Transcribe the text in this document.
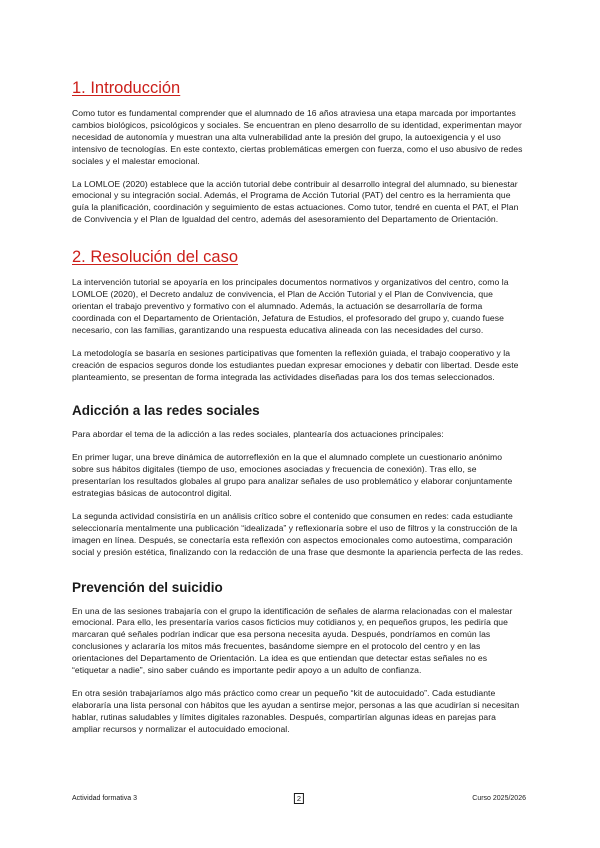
1. Introducción

Como tutor es fundamental comprender que el alumnado de 16 años atraviesa una etapa marcada por importantes cambios biológicos, psicológicos y sociales. Se encuentran en pleno desarrollo de su identidad, experimentan mayor necesidad de autonomía y muestran una alta vulnerabilidad ante la presión del grupo, la autoexigencia y el uso intensivo de tecnologías. En este contexto, ciertas problemáticas emergen con fuerza, como el uso abusivo de redes sociales y el malestar emocional.

La LOMLOE (2020) establece que la acción tutorial debe contribuir al desarrollo integral del alumnado, su bienestar emocional y su integración social. Además, el Programa de Acción Tutorial (PAT) del centro es la herramienta que guía la planificación, coordinación y seguimiento de estas actuaciones. Como tutor, tendré en cuenta el PAT, el Plan de Convivencia y el Plan de Igualdad del centro, además del asesoramiento del Departamento de Orientación.

2. Resolución del caso

La intervención tutorial se apoyaría en los principales documentos normativos y organizativos del centro, como la LOMLOE (2020), el Decreto andaluz de convivencia, el Plan de Acción Tutorial y el Plan de Convivencia, que orientan el trabajo preventivo y formativo con el alumnado. Además, la actuación se desarrollaría de forma coordinada con el Departamento de Orientación, Jefatura de Estudios, el profesorado del grupo y, cuando fuese necesario, con las familias, garantizando una respuesta educativa alineada con las necesidades del curso.

La metodología se basaría en sesiones participativas que fomenten la reflexión guiada, el trabajo cooperativo y la creación de espacios seguros donde los estudiantes puedan expresar emociones y debatir con libertad. Desde este planteamiento, se presentan de forma integrada las actividades diseñadas para los dos temas seleccionados.

Adicción a las redes sociales

Para abordar el tema de la adicción a las redes sociales, plantearía dos actuaciones principales:

En primer lugar, una breve dinámica de autorreflexión en la que el alumnado complete un cuestionario anónimo sobre sus hábitos digitales (tiempo de uso, emociones asociadas y frecuencia de conexión). Tras ello, se presentarían los resultados globales al grupo para analizar señales de uso problemático y elaborar conjuntamente estrategias básicas de autocontrol digital.

La segunda actividad consistiría en un análisis crítico sobre el contenido que consumen en redes: cada estudiante seleccionaría mentalmente una publicación “idealizada” y reflexionaría sobre el uso de filtros y la construcción de la imagen en línea. Después, se conectaría esta reflexión con aspectos emocionales como autoestima, comparación social y presión estética, finalizando con la redacción de una frase que desmonte la apariencia perfecta de las redes.

Prevención del suicidio

En una de las sesiones trabajaría con el grupo la identificación de señales de alarma relacionadas con el malestar emocional. Para ello, les presentaría varios casos ficticios muy cotidianos y, en pequeños grupos, les pediría que marcaran qué señales podrían indicar que esa persona necesita ayuda. Después, pondríamos en común las conclusiones y aclararía los mitos más frecuentes, basándome siempre en el protocolo del centro y en las orientaciones del Departamento de Orientación. La idea es que entiendan que detectar estas señales no es “etiquetar a nadie”, sino saber cuándo es importante pedir apoyo a un adulto de confianza.

En otra sesión trabajaríamos algo más práctico como crear un pequeño “kit de autocuidado”. Cada estudiante elaboraría una lista personal con hábitos que les ayudan a sentirse mejor, personas a las que acudirían si necesitan hablar, rutinas saludables y límites digitales razonables. Después, compartirían algunas ideas en parejas para ampliar recursos y normalizar el autocuidado emocional.

Actividad formativa 3	2	Curso 2025/2026
